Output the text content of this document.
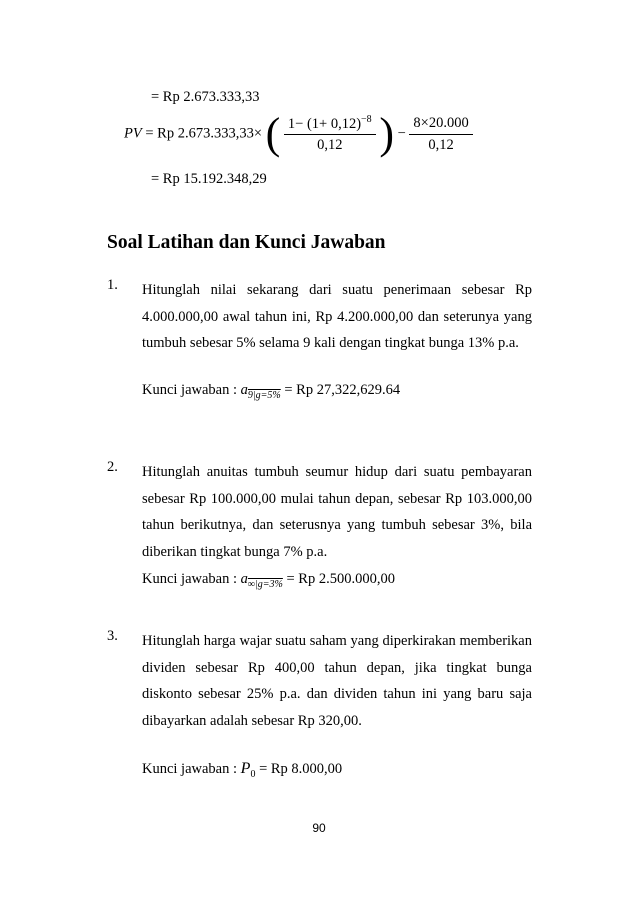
= Rp 2.673.333,33
PV = Rp 2.673.333,33× ( $\frac{1- (1+ 0,12)^{-8}}{0,12}$ ) − $\frac{8\times 20.000}{0,12}$
= Rp 15.192.348,29
Soal Latihan dan Kunci Jawaban
1. Hitunglah nilai sekarang dari suatu penerimaan sebesar Rp 4.000.000,00 awal tahun ini, Rp 4.200.000,00 dan seterunya yang tumbuh sebesar 5% selama 9 kali dengan tingkat bunga 13% p.a.

Kunci jawaban : $a_{9|g=5\%} = Rp$ 27,322,629.64
2. Hitunglah anuitas tumbuh seumur hidup dari suatu pembayaran sebesar Rp 100.000,00 mulai tahun depan, sebesar Rp 103.000,00 tahun berikutnya, dan seterusnya yang tumbuh sebesar 3%, bila diberikan tingkat bunga 7% p.a.

Kunci jawaban : $a_{\infty|g=3\%} = Rp$ 2.500.000,00
3. Hitunglah harga wajar suatu saham yang diperkirakan memberikan dividen sebesar Rp 400,00 tahun depan, jika tingkat bunga diskonto sebesar 25% p.a. dan dividen tahun ini yang baru saja dibayarkan adalah sebesar Rp 320,00.

Kunci jawaban : $P_0 = Rp$ 8.000,00
90
